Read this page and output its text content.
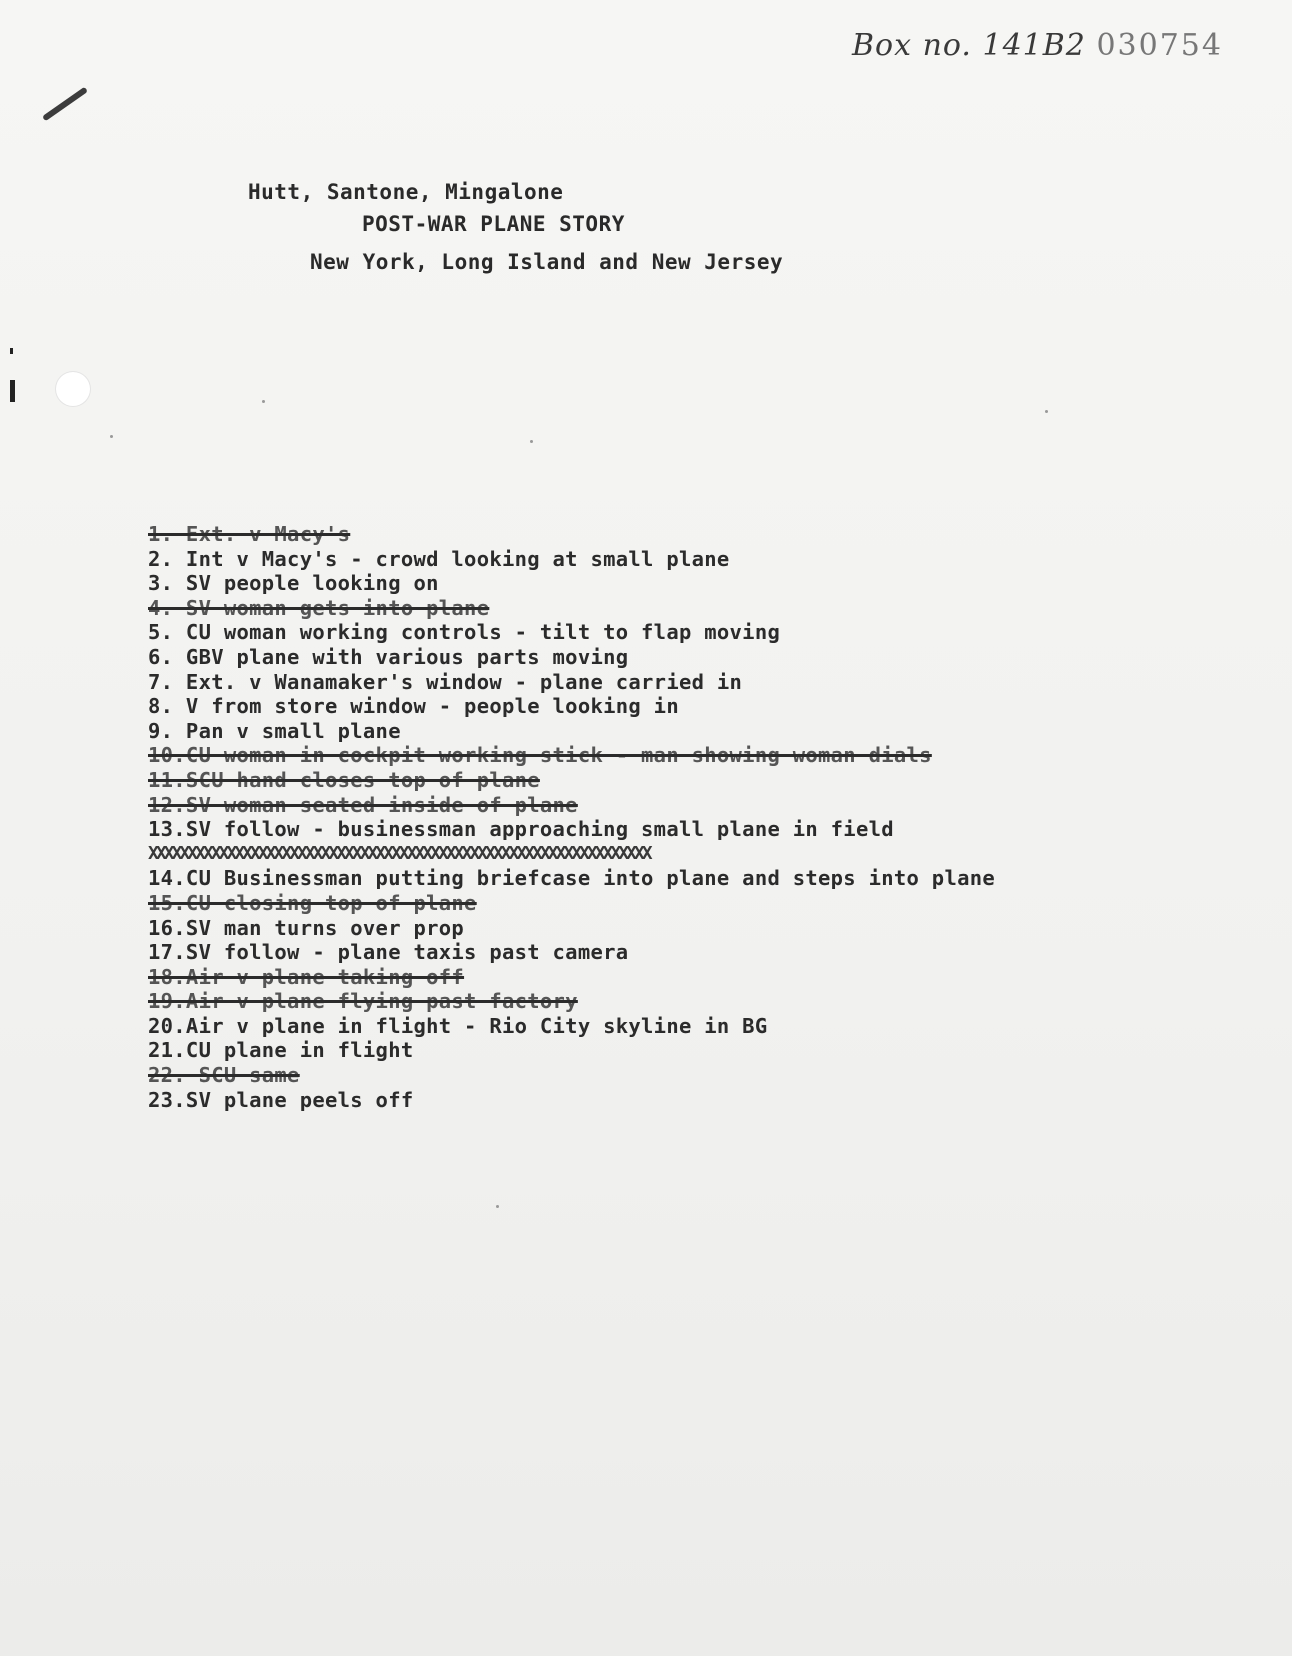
Box no. 141B2 030754
Hutt, Santone, Mingalone
POST-WAR PLANE STORY
New York, Long Island and New Jersey
1. Ext. v Macy's
2. Int v Macy's - crowd looking at small plane
3. SV people looking on
4. SV woman gets into plane
5. CU woman working controls - tilt to flap moving
6. GBV plane with various parts moving
7. Ext. v Wanamaker's window - plane carried in
8. V from store window - people looking in
9. Pan v small plane
10.CU woman in cockpit working stick - man showing woman dials
11.SCU hand closes top of plane
12.SV woman seated inside of plane
13.SV follow - businessman approaching small plane in field
XXXXXXXXXXXXXXXXXXXXXXXXXXXXXXXXXXXXXXXXXXXXXXXXXXXXXXXXXXXXXXXX
14.CU Businessman putting briefcase into plane and steps into plane
15.CU closing top of plane
16.SV man turns over prop
17.SV follow - plane taxis past camera
18.Air v plane taking off
19.Air v plane flying past factory
20.Air v plane in flight - Rio City skyline in BG
21.CU plane in flight
22. SCU same
23.SV plane peels off
